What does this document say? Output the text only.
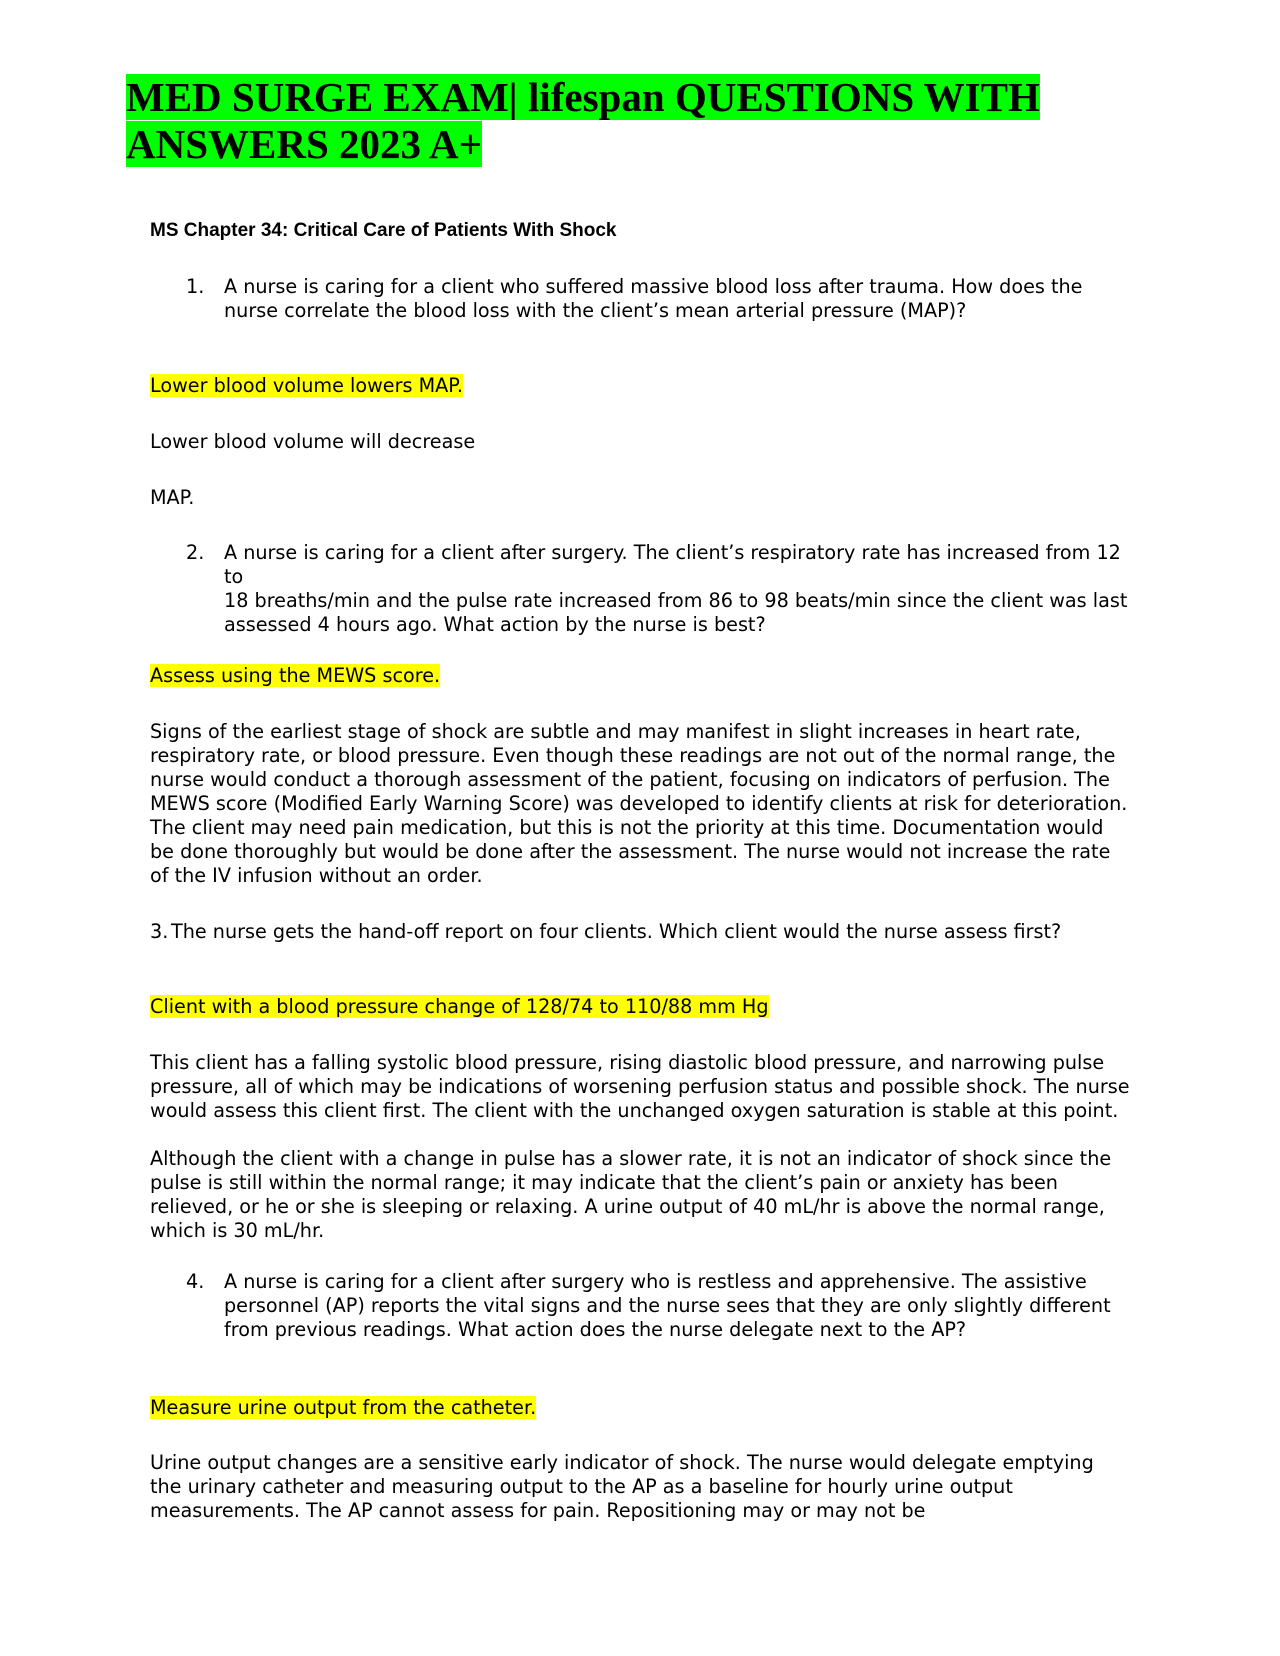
MED SURGE EXAM| lifespan QUESTIONS WITH
ANSWERS 2023 A+

MS Chapter 34: Critical Care of Patients With Shock

1. A nurse is caring for a client who suffered massive blood loss after trauma. How does the nurse correlate the blood loss with the client’s mean arterial pressure (MAP)?
Lower blood volume lowers MAP.

Lower blood volume will decrease

MAP.

2. A nurse is caring for a client after surgery. The client’s respiratory rate has increased from 12 to
18 breaths/min and the pulse rate increased from 86 to 98 beats/min since the client was last assessed 4 hours ago. What action by the nurse is best?
Assess using the MEWS score.

Signs of the earliest stage of shock are subtle and may manifest in slight increases in heart rate, respiratory rate, or blood pressure. Even though these readings are not out of the normal range, the nurse would conduct a thorough assessment of the patient, focusing on indicators of perfusion. The MEWS score (Modified Early Warning Score) was developed to identify clients at risk for deterioration. The client may need pain medication, but this is not the priority at this time. Documentation would be done thoroughly but would be done after the assessment. The nurse would not increase the rate of the IV infusion without an order.

3. The nurse gets the hand-off report on four clients. Which client would the nurse assess first?
Client with a blood pressure change of 128/74 to 110/88 mm Hg

This client has a falling systolic blood pressure, rising diastolic blood pressure, and narrowing pulse pressure, all of which may be indications of worsening perfusion status and possible shock. The nurse would assess this client first. The client with the unchanged oxygen saturation is stable at this point.

Although the client with a change in pulse has a slower rate, it is not an indicator of shock since the pulse is still within the normal range; it may indicate that the client’s pain or anxiety has been relieved, or he or she is sleeping or relaxing. A urine output of 40 mL/hr is above the normal range, which is 30 mL/hr.

4. A nurse is caring for a client after surgery who is restless and apprehensive. The assistive personnel (AP) reports the vital signs and the nurse sees that they are only slightly different from previous readings. What action does the nurse delegate next to the AP?
Measure urine output from the catheter.

Urine output changes are a sensitive early indicator of shock. The nurse would delegate emptying the urinary catheter and measuring output to the AP as a baseline for hourly urine output measurements. The AP cannot assess for pain. Repositioning may or may not be
